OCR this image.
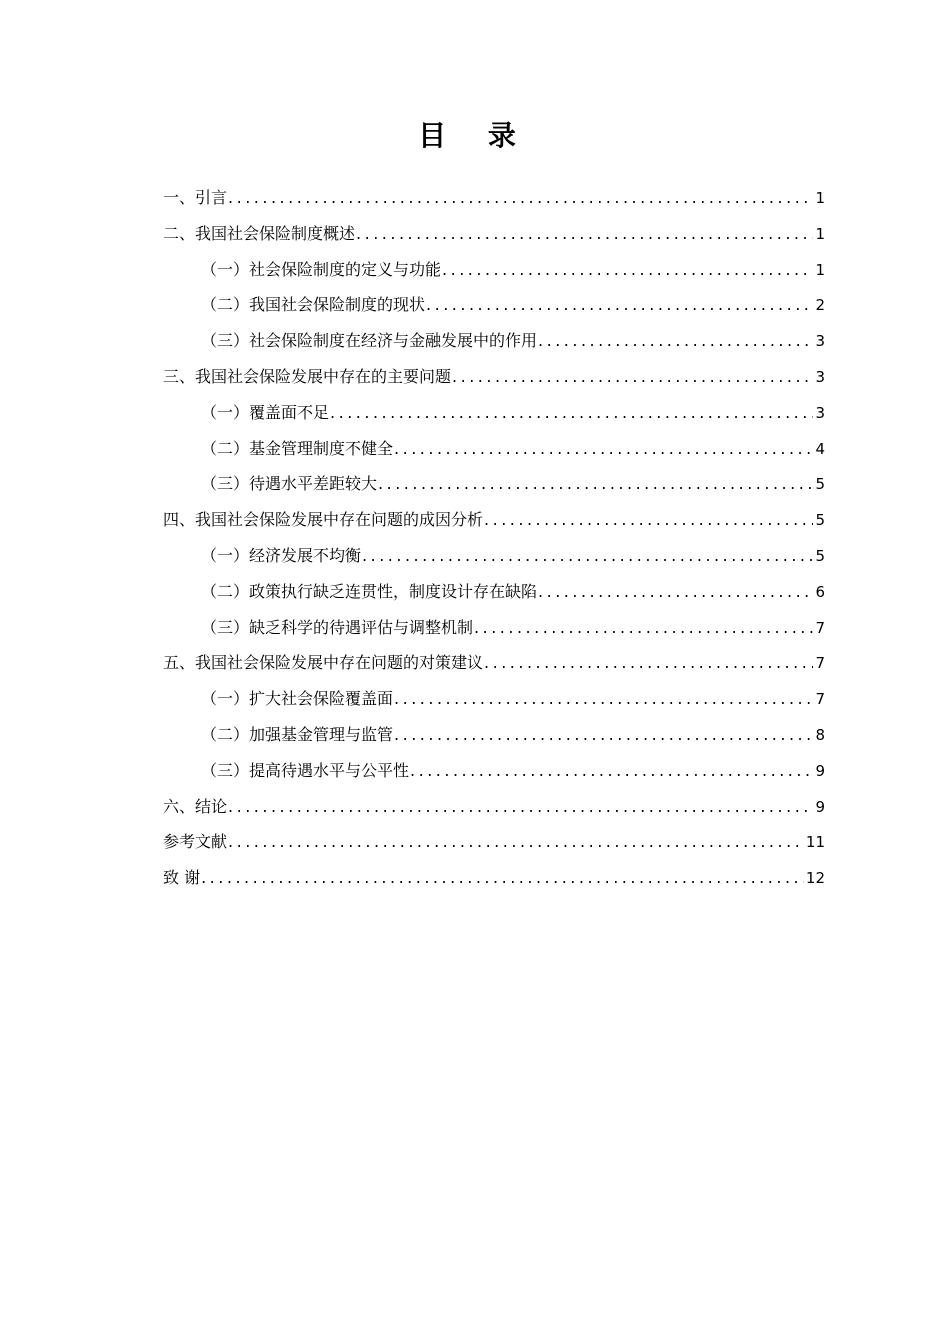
目 录
一、引言 .....	1
二、我国社会保险制度概述 .....	1
（一）社会保险制度的定义与功能 .....	1
（二）我国社会保险制度的现状 .....	2
（三）社会保险制度在经济与金融发展中的作用 .....	3
三、我国社会保险发展中存在的主要问题 .....	3
（一）覆盖面不足 .....	3
（二）基金管理制度不健全 .....	4
（三）待遇水平差距较大 .....	5
四、我国社会保险发展中存在问题的成因分析 .....	5
（一）经济发展不均衡 .....	5
（二）政策执行缺乏连贯性，制度设计存在缺陷 .....	6
（三）缺乏科学的待遇评估与调整机制 .....	7
五、我国社会保险发展中存在问题的对策建议 .....	7
（一）扩大社会保险覆盖面 .....	7
（二）加强基金管理与监管 .....	8
（三）提高待遇水平与公平性 .....	9
六、结论 .....	9
参考文献 .....	11
致 谢 .....	12
